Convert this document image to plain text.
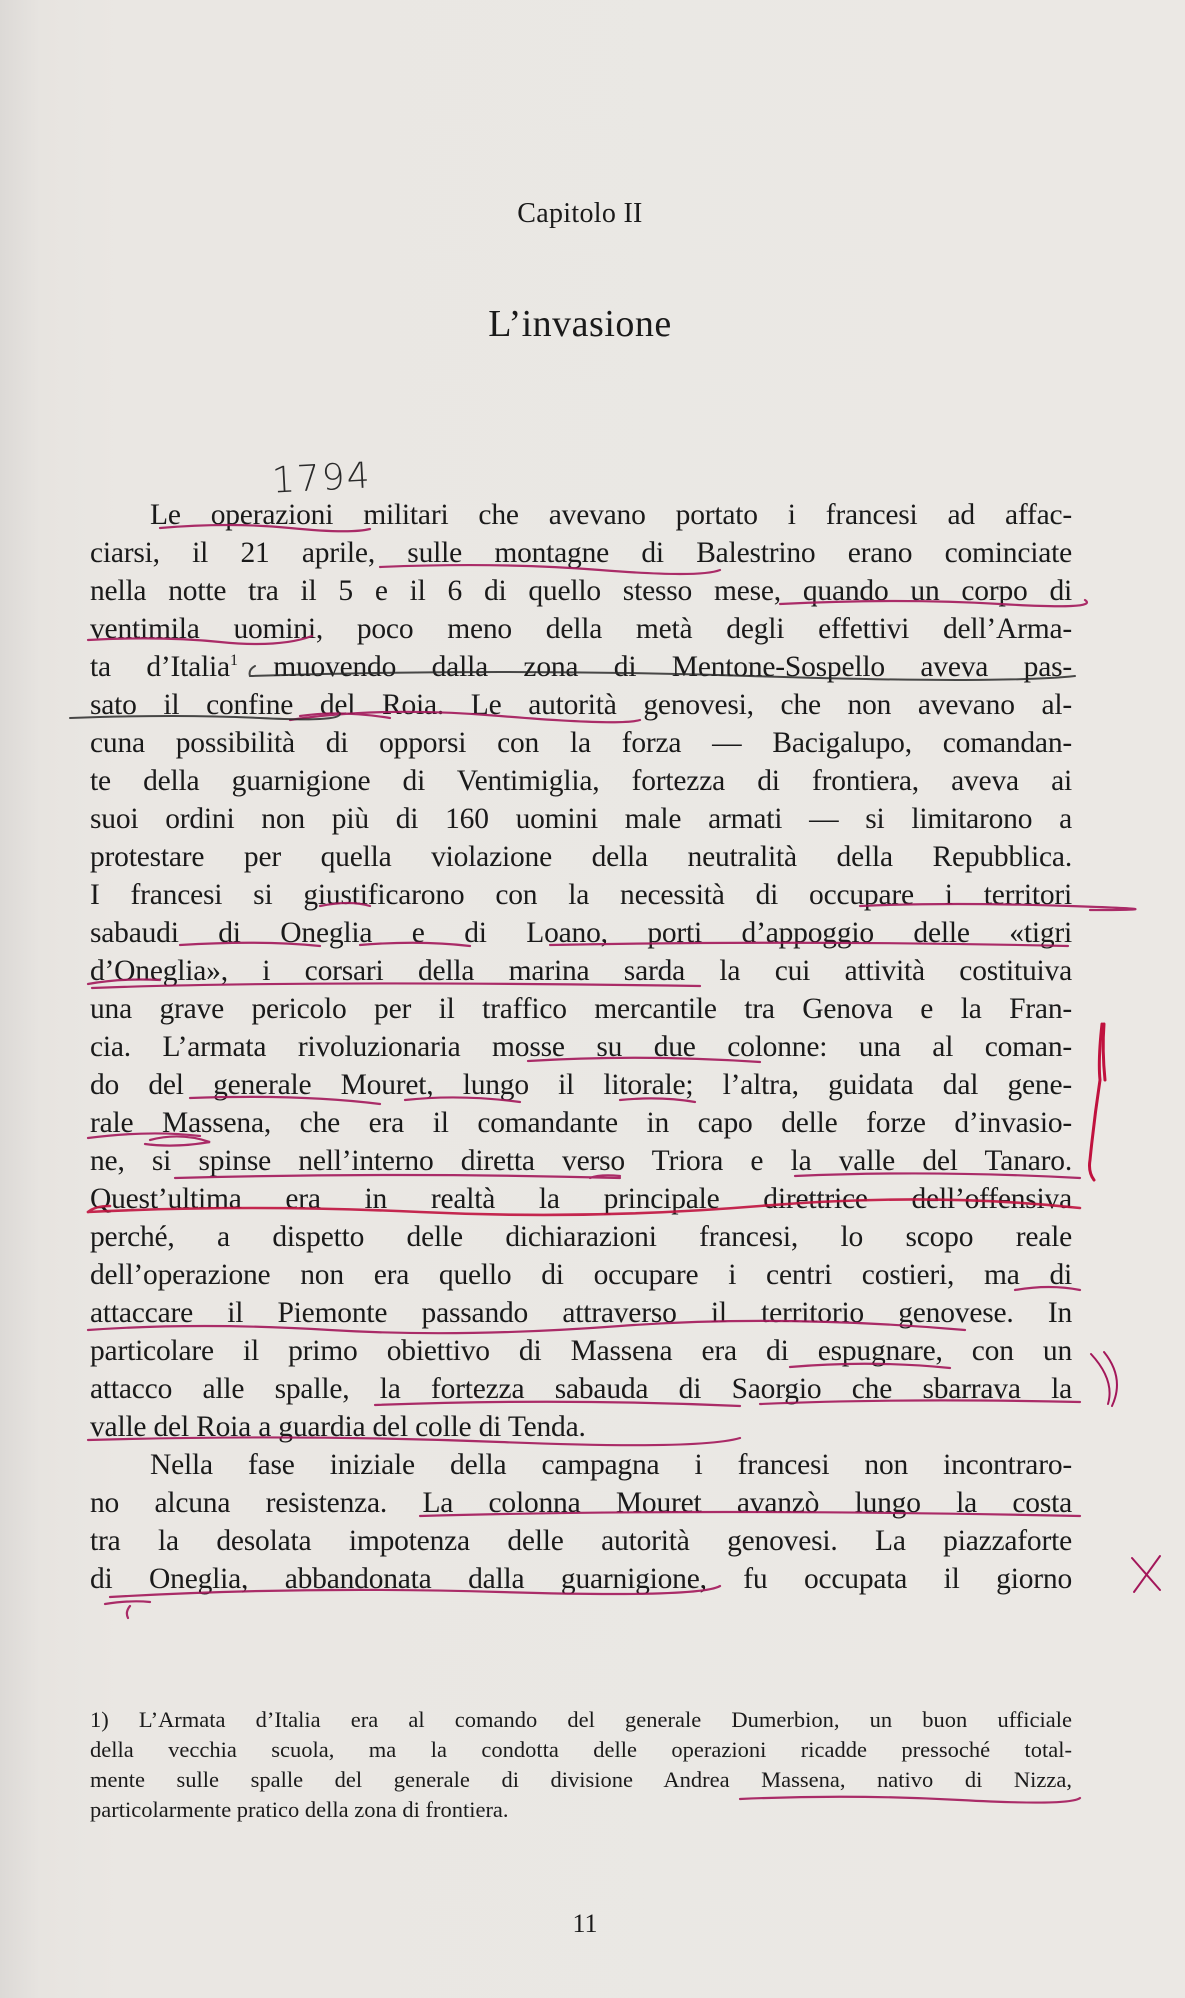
Capitolo II
L’invasione
Le operazioni militari che avevano portato i francesi ad affac-
ciarsi, il 21 aprile, sulle montagne di Balestrino erano cominciate
nella notte tra il 5 e il 6 di quello stesso mese, quando un corpo di
ventimila uomini, poco meno della metà degli effettivi dell’Arma-
ta d’Italia$^1$ muovendo dalla zona di Mentone-Sospello aveva pas-
sato il confine del Roia. Le autorità genovesi, che non avevano al-
cuna possibilità di opporsi con la forza — Bacigalupo, comandan-
te della guarnigione di Ventimiglia, fortezza di frontiera, aveva ai
suoi ordini non più di 160 uomini male armati — si limitarono a
protestare per quella violazione della neutralità della Repubblica.
I francesi si giustificarono con la necessità di occupare i territori
sabaudi di Oneglia e di Loano, porti d’appoggio delle «tigri
d’Oneglia», i corsari della marina sarda la cui attività costituiva
una grave pericolo per il traffico mercantile tra Genova e la Fran-
cia. L’armata rivoluzionaria mosse su due colonne: una al coman-
do del generale Mouret, lungo il litorale; l’altra, guidata dal gene-
rale Massena, che era il comandante in capo delle forze d’invasio-
ne, si spinse nell’interno diretta verso Triora e la valle del Tanaro.
Quest’ultima era in realtà la principale direttrice dell’offensiva
perché, a dispetto delle dichiarazioni francesi, lo scopo reale
dell’operazione non era quello di occupare i centri costieri, ma di
attaccare il Piemonte passando attraverso il territorio genovese. In
particolare il primo obiettivo di Massena era di espugnare, con un
attacco alle spalle, la fortezza sabauda di Saorgio che sbarrava la
valle del Roia a guardia del colle di Tenda.
Nella fase iniziale della campagna i francesi non incontraro-
no alcuna resistenza. La colonna Mouret avanzò lungo la costa
tra la desolata impotenza delle autorità genovesi. La piazzaforte
di Oneglia, abbandonata dalla guarnigione, fu occupata il giorno
1) L’Armata d’Italia era al comando del generale Dumerbion, un buon ufficiale
della vecchia scuola, ma la condotta delle operazioni ricadde pressoché total-
mente sulle spalle del generale di divisione Andrea Massena, nativo di Nizza,
particolarmente pratico della zona di frontiera.
11
1794
